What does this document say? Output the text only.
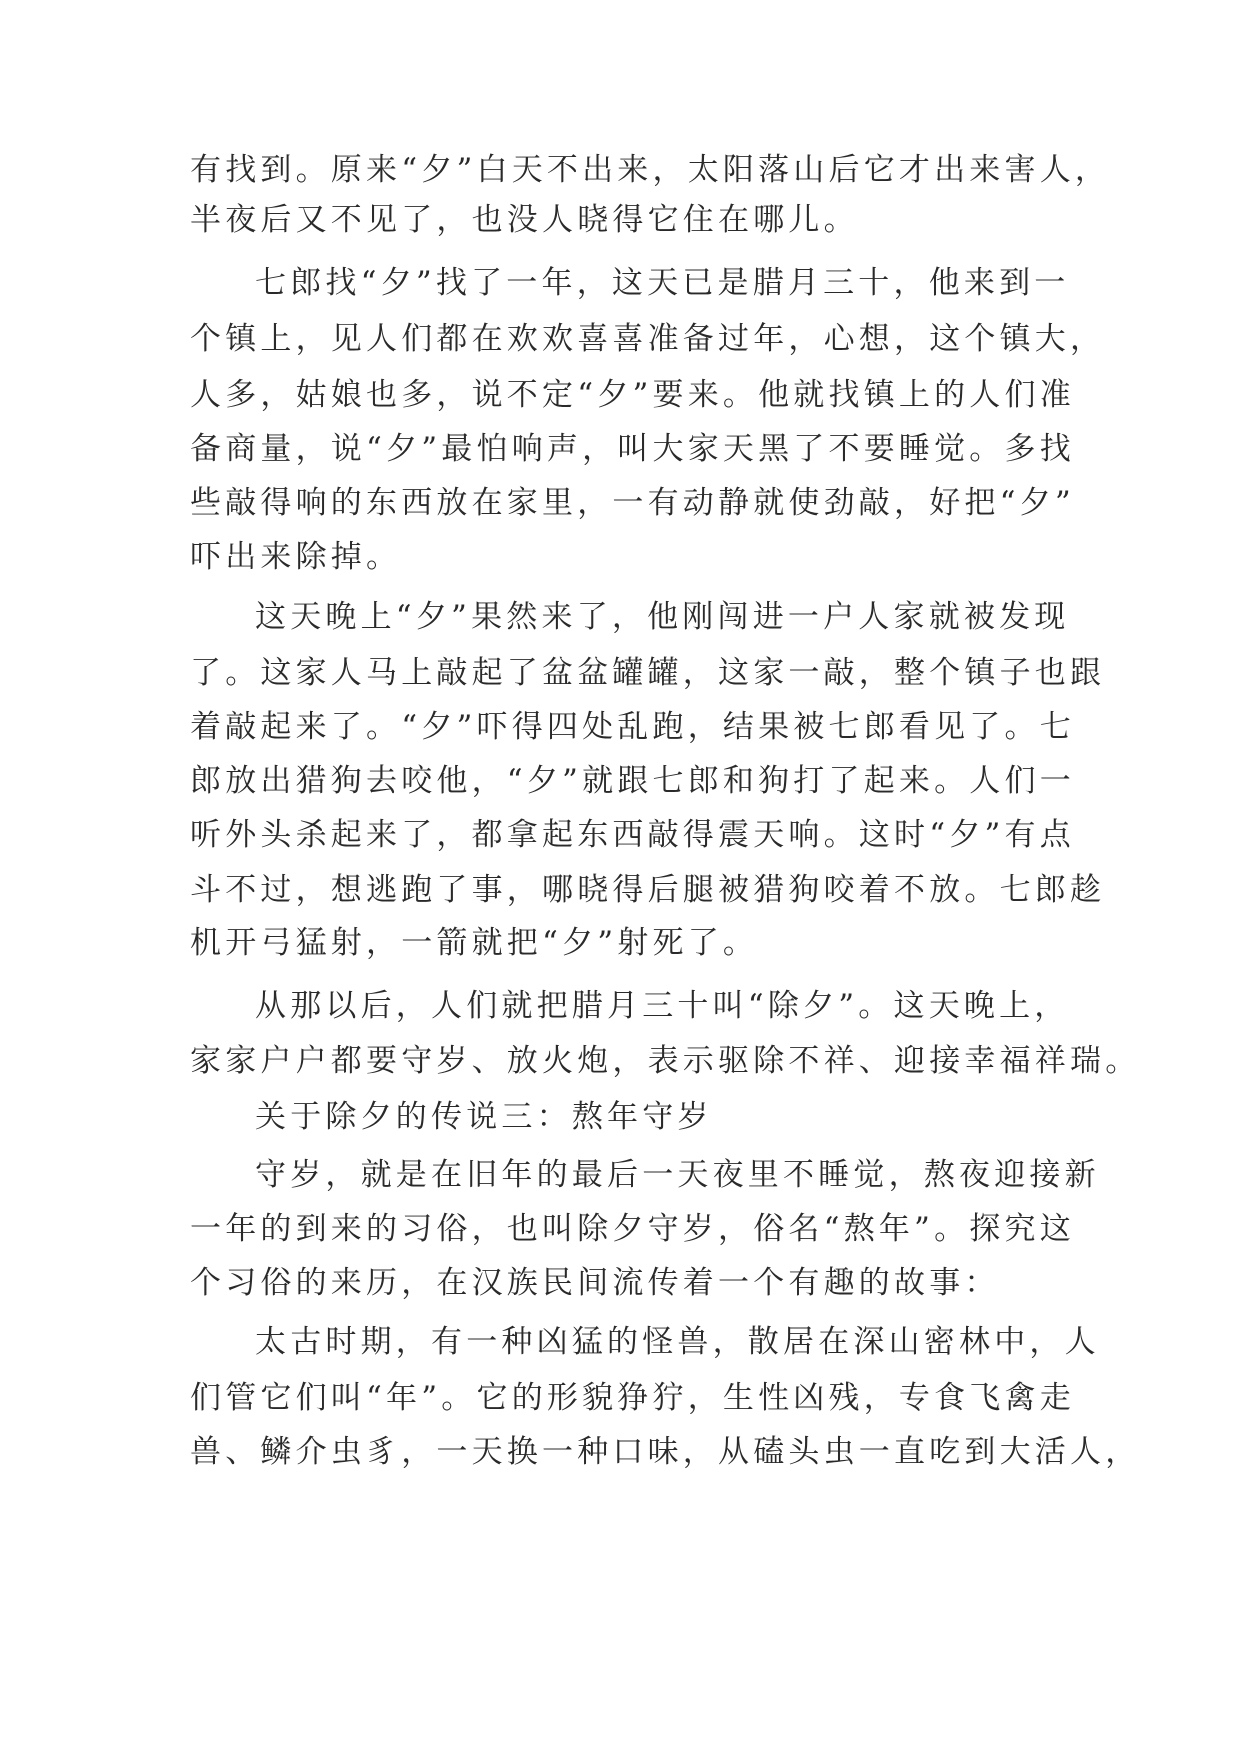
有找到。原来“夕”白天不出来，太阳落山后它才出来害人，

半夜后又不见了，也没人晓得它住在哪儿。

七郎找“夕”找了一年，这天已是腊月三十，他来到一

个镇上，见人们都在欢欢喜喜准备过年，心想，这个镇大，

人多，姑娘也多，说不定“夕”要来。他就找镇上的人们准

备商量，说“夕”最怕响声，叫大家天黑了不要睡觉。多找

些敲得响的东西放在家里，一有动静就使劲敲，好把“夕”

吓出来除掉。

这天晚上“夕”果然来了，他刚闯进一户人家就被发现

了。这家人马上敲起了盆盆罐罐，这家一敲，整个镇子也跟

着敲起来了。“夕”吓得四处乱跑，结果被七郎看见了。七

郎放出猎狗去咬他，“夕”就跟七郎和狗打了起来。人们一

听外头杀起来了，都拿起东西敲得震天响。这时“夕”有点

斗不过，想逃跑了事，哪晓得后腿被猎狗咬着不放。七郎趁

机开弓猛射，一箭就把“夕”射死了。

从那以后，人们就把腊月三十叫“除夕”。这天晚上，

家家户户都要守岁、放火炮，表示驱除不祥、迎接幸福祥瑞。

关于除夕的传说三：熬年守岁

守岁，就是在旧年的最后一天夜里不睡觉，熬夜迎接新

一年的到来的习俗，也叫除夕守岁，俗名“熬年”。探究这

个习俗的来历，在汉族民间流传着一个有趣的故事：

太古时期，有一种凶猛的怪兽，散居在深山密林中，人

们管它们叫“年”。它的形貌狰狞，生性凶残，专食飞禽走

兽、鳞介虫豸，一天换一种口味，从磕头虫一直吃到大活人，
